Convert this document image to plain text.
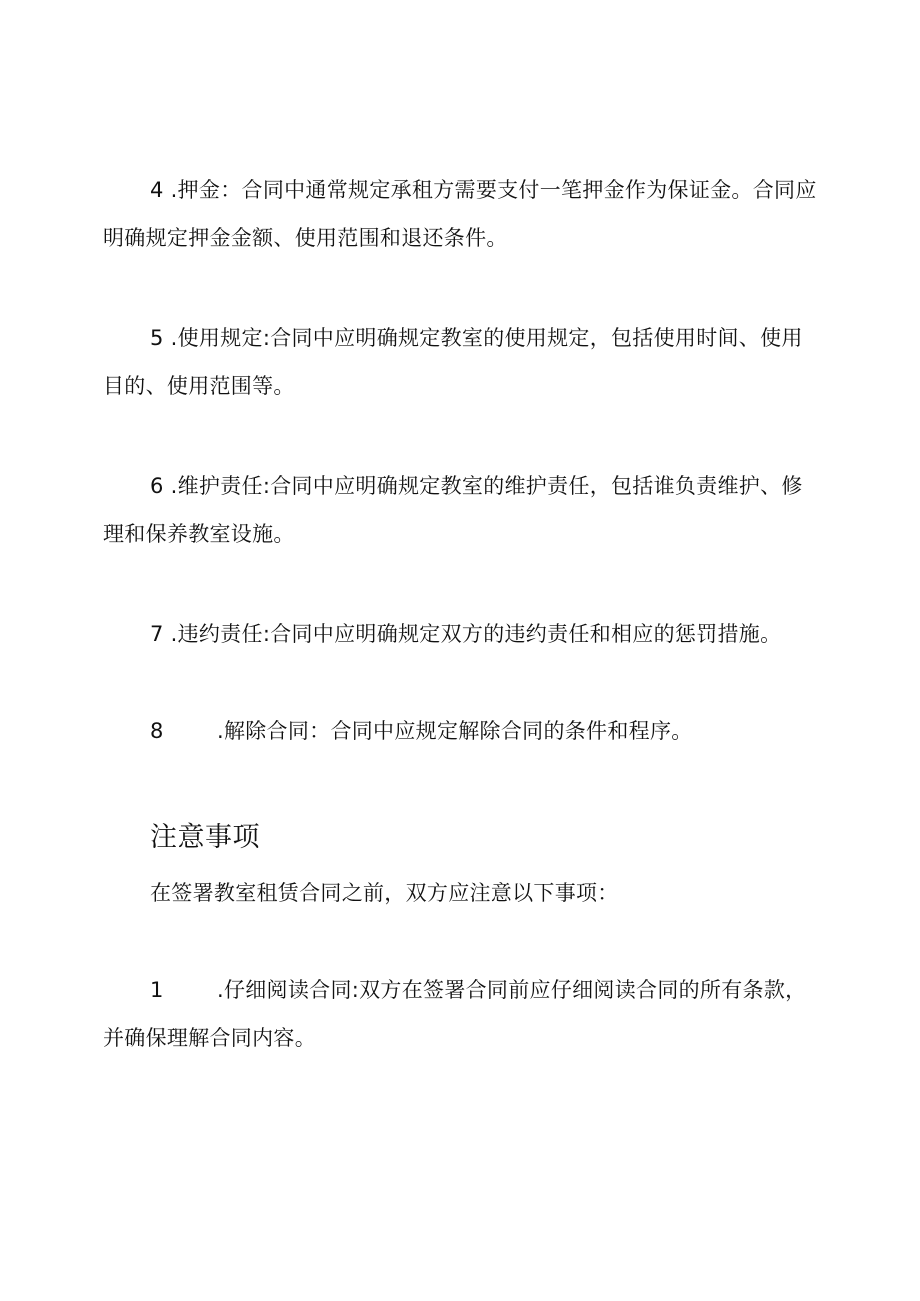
4 .押金：合同中通常规定承租方需要支付一笔押金作为保证金。合同应明确规定押金金额、使用范围和退还条件。
5 .使用规定:合同中应明确规定教室的使用规定，包括使用时间、使用目的、使用范围等。
6 .维护责任:合同中应明确规定教室的维护责任，包括谁负责维护、修理和保养教室设施。
7 .违约责任:合同中应明确规定双方的违约责任和相应的惩罚措施。
8	.解除合同：合同中应规定解除合同的条件和程序。
注意事项
在签署教室租赁合同之前，双方应注意以下事项：
1	.仔细阅读合同:双方在签署合同前应仔细阅读合同的所有条款，并确保理解合同内容。
